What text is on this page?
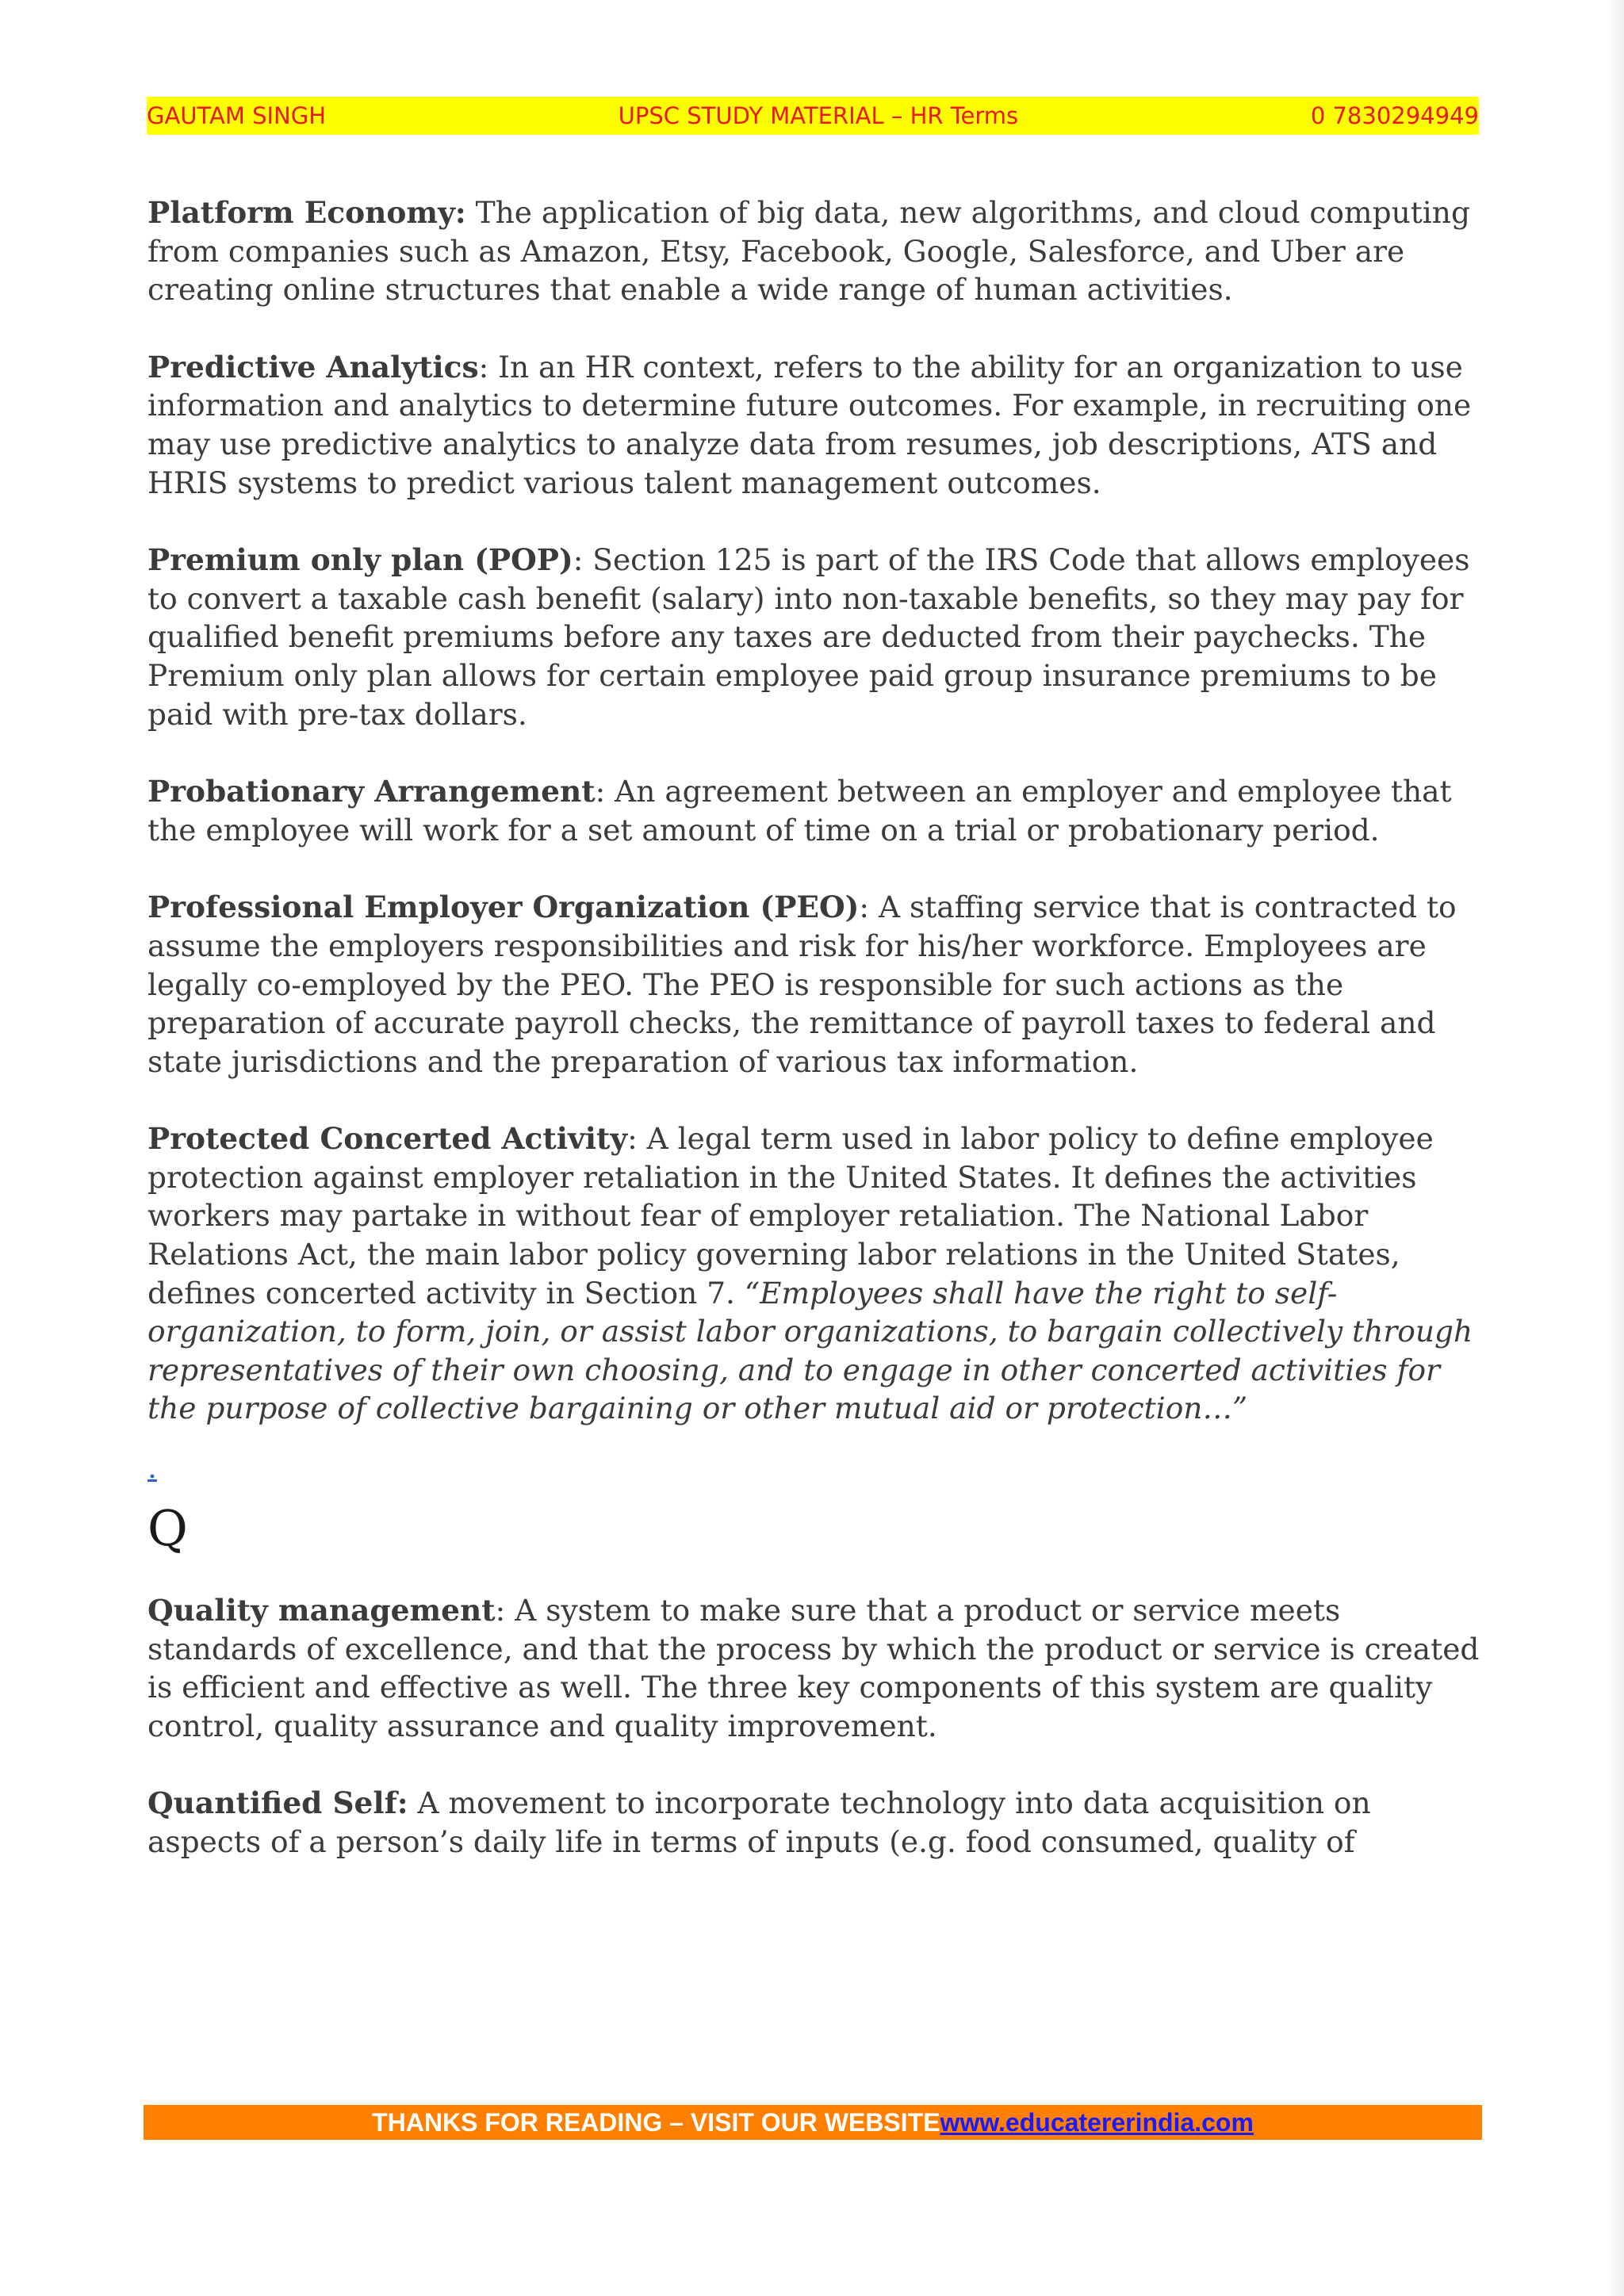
GAUTAM SINGH	UPSC STUDY MATERIAL – HR Terms	0 7830294949

Platform Economy: The application of big data, new algorithms, and cloud computing from companies such as Amazon, Etsy, Facebook, Google, Salesforce, and Uber are creating online structures that enable a wide range of human activities.

Predictive Analytics: In an HR context, refers to the ability for an organization to use information and analytics to determine future outcomes. For example, in recruiting one may use predictive analytics to analyze data from resumes, job descriptions, ATS and HRIS systems to predict various talent management outcomes.

Premium only plan (POP): Section 125 is part of the IRS Code that allows employees to convert a taxable cash benefit (salary) into non-taxable benefits, so they may pay for qualified benefit premiums before any taxes are deducted from their paychecks. The Premium only plan allows for certain employee paid group insurance premiums to be paid with pre-tax dollars.

Probationary Arrangement: An agreement between an employer and employee that the employee will work for a set amount of time on a trial or probationary period.

Professional Employer Organization (PEO): A staffing service that is contracted to assume the employers responsibilities and risk for his/her workforce. Employees are legally co-employed by the PEO. The PEO is responsible for such actions as the preparation of accurate payroll checks, the remittance of payroll taxes to federal and state jurisdictions and the preparation of various tax information.

Protected Concerted Activity: A legal term used in labor policy to define employee protection against employer retaliation in the United States. It defines the activities workers may partake in without fear of employer retaliation. The National Labor Relations Act, the main labor policy governing labor relations in the United States, defines concerted activity in Section 7. “Employees shall have the right to self-organization, to form, join, or assist labor organizations, to bargain collectively through representatives of their own choosing, and to engage in other concerted activities for the purpose of collective bargaining or other mutual aid or protection…”

.
Q

Quality management: A system to make sure that a product or service meets standards of excellence, and that the process by which the product or service is created is efficient and effective as well. The three key components of this system are quality control, quality assurance and quality improvement.

Quantified Self: A movement to incorporate technology into data acquisition on aspects of a person’s daily life in terms of inputs (e.g. food consumed, quality of

THANKS FOR READING – VISIT OUR WEBSITE www.educatererindia.com
